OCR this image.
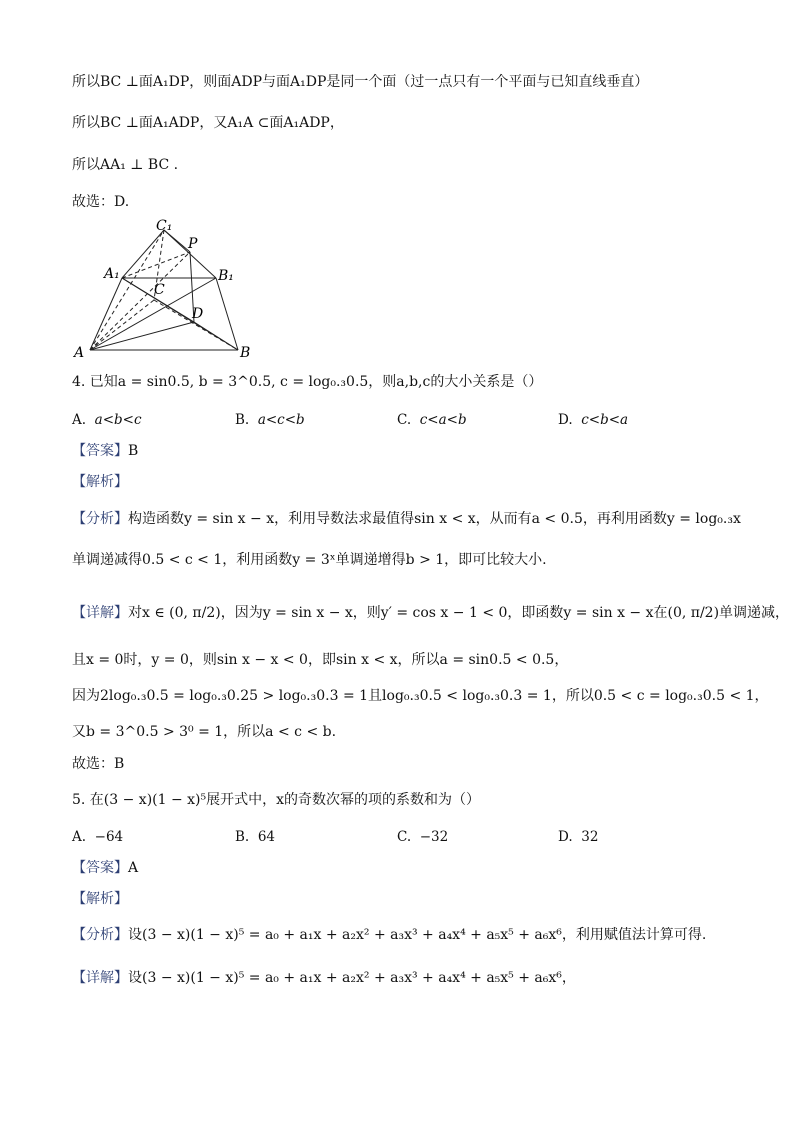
所以BC ⊥面A₁DP，则面ADP与面A₁DP是同一个面（过一点只有一个平面与已知直线垂直）
所以BC ⊥面A₁ADP，又A₁A ⊂面A₁ADP，
所以AA₁ ⊥ BC .
故选：D.
C₁
P
A₁	B₁
C
D
A	B
4. 已知a = sin0.5, b = 3^0.5, c = log₀.₃0.5，则a,b,c的大小关系是（）
A. a<b<c	B. a<c<b	C. c<a<b	D. c<b<a
【答案】B
【解析】
【分析】构造函数y = sin x − x，利用导数法求最值得sin x < x，从而有a < 0.5，再利用函数y = log₀.₃x
单调递减得0.5 < c < 1，利用函数y = 3ˣ单调递增得b > 1，即可比较大小.
【详解】对x ∈ (0, π/2)，因为y = sin x − x，则y′ = cos x − 1 < 0，即函数y = sin x − x在(0, π/2)单调递减，
且x = 0时，y = 0，则sin x − x < 0，即sin x < x，所以a = sin0.5 < 0.5，
因为2log₀.₃0.5 = log₀.₃0.25 > log₀.₃0.3 = 1且log₀.₃0.5 < log₀.₃0.3 = 1，所以0.5 < c = log₀.₃0.5 < 1，
又b = 3^0.5 > 3⁰ = 1，所以a < c < b.
故选：B
5. 在(3 − x)(1 − x)⁵展开式中，x的奇数次幂的项的系数和为（）
A. −64	B. 64	C. −32	D. 32
【答案】A
【解析】
【分析】设(3 − x)(1 − x)⁵ = a₀ + a₁x + a₂x² + a₃x³ + a₄x⁴ + a₅x⁵ + a₆x⁶，利用赋值法计算可得.
【详解】设(3 − x)(1 − x)⁵ = a₀ + a₁x + a₂x² + a₃x³ + a₄x⁴ + a₅x⁵ + a₆x⁶，
